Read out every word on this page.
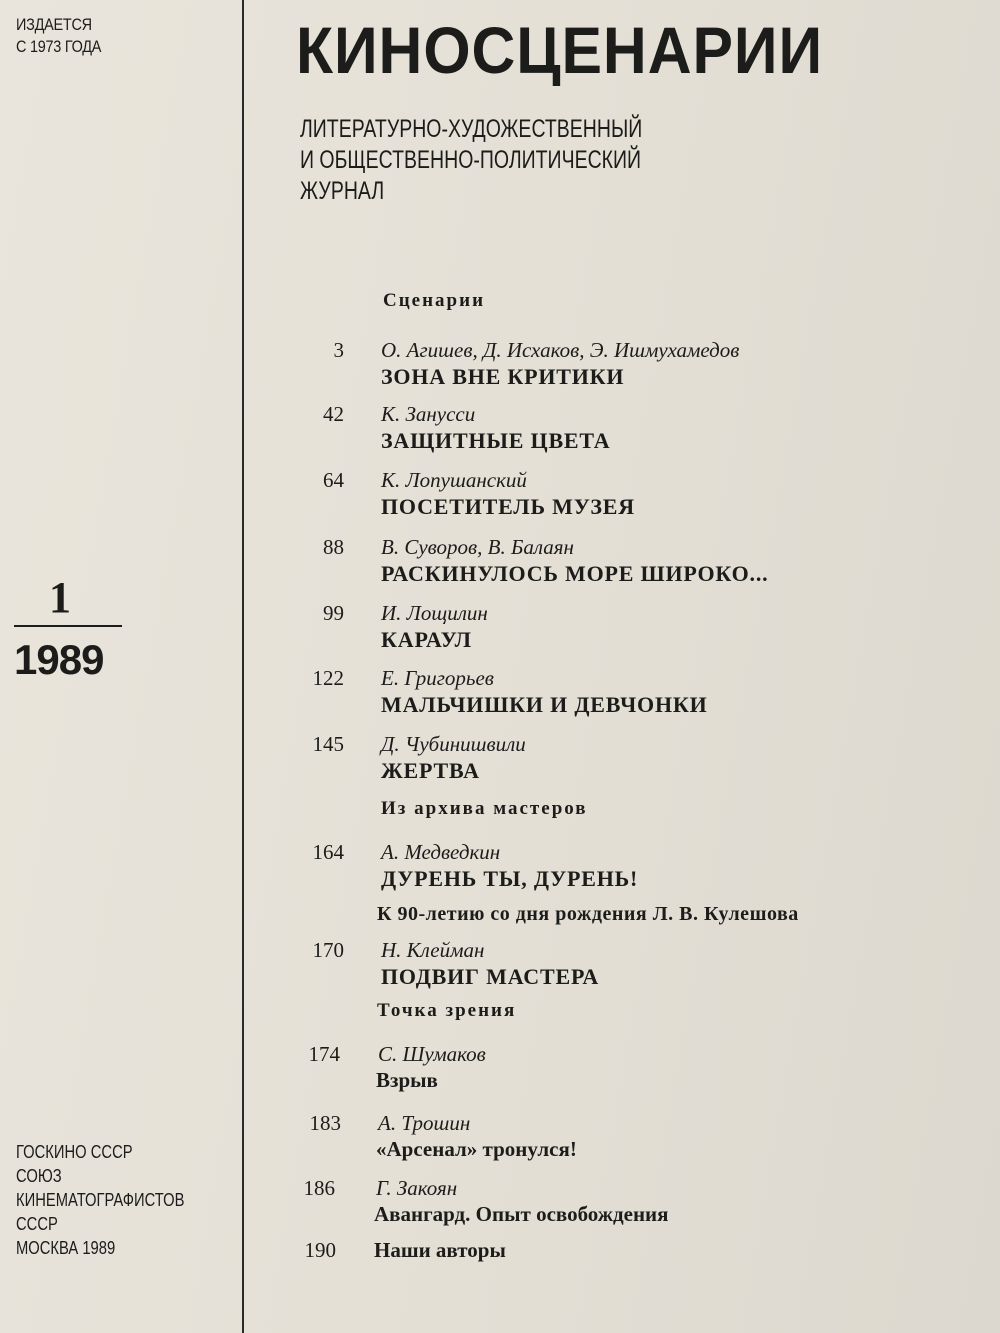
ИЗДАЕТСЯ
С 1973 ГОДА
1
1989
ГОСКИНО СССР
СОЮЗ
КИНЕМАТОГРАФИСТОВ
СССР
МОСКВА 1989
КИНОСЦЕНАРИИ
ЛИТЕРАТУРНО-ХУДОЖЕСТВЕННЫЙ
И ОБЩЕСТВЕННО-ПОЛИТИЧЕСКИЙ
ЖУРНАЛ
Сценарии
3 О. Агишев, Д. Исхаков, Э. Ишмухамедов
ЗОНА ВНЕ КРИТИКИ
42 К. Занусси
ЗАЩИТНЫЕ ЦВЕТА
64 К. Лопушанский
ПОСЕТИТЕЛЬ МУЗЕЯ
88 В. Суворов, В. Балаян
РАСКИНУЛОСЬ МОРЕ ШИРОКО...
99 И. Лощилин
КАРАУЛ
122 Е. Григорьев
МАЛЬЧИШКИ И ДЕВЧОНКИ
145 Д. Чубинишвили
ЖЕРТВА
Из архива мастеров
164 А. Медведкин
ДУРЕНЬ ТЫ, ДУРЕНЬ!
К 90-летию со дня рождения Л. В. Кулешова
170 Н. Клейман
ПОДВИГ МАСТЕРА
Точка зрения
174 С. Шумаков
Взрыв
183 А. Трошин
«Арсенал» тронулся!
186 Г. Закоян
Авангард. Опыт освобождения
190 Наши авторы
